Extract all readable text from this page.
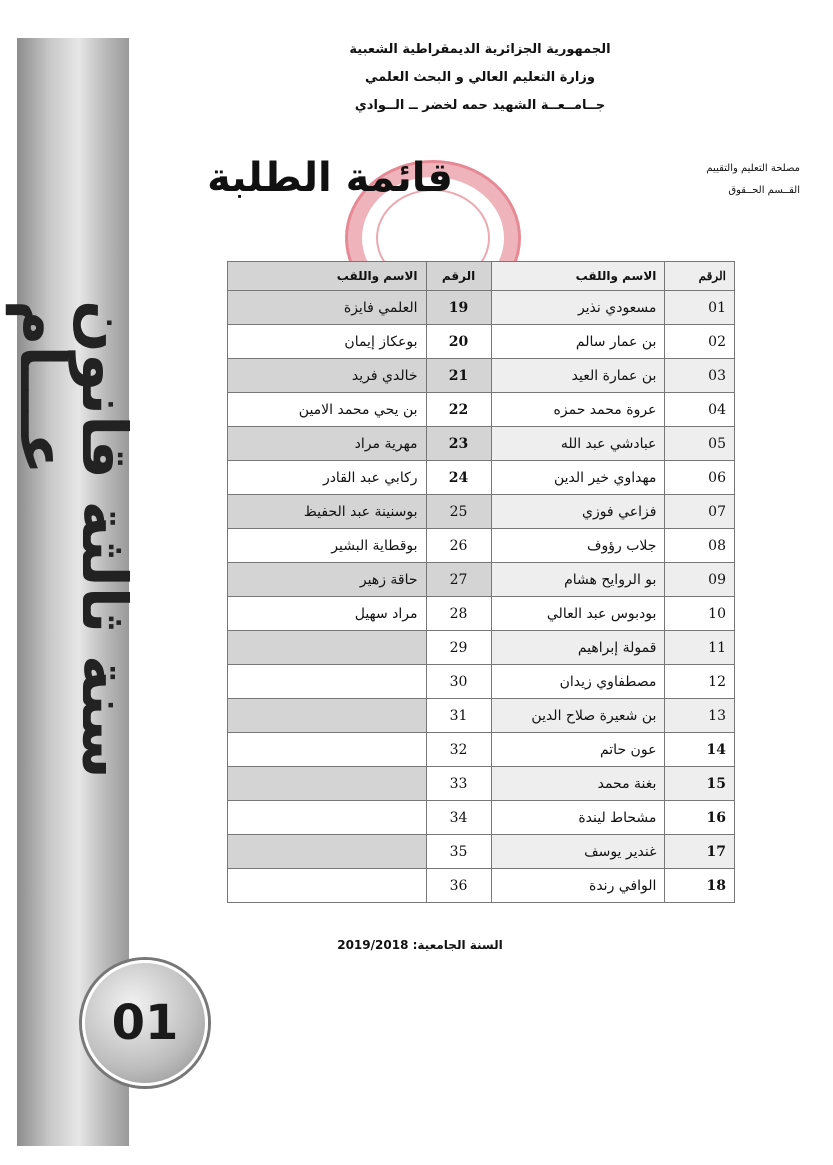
سنة ثالثة قانون عـــام
01
الجمهورية الجزائرية الديمقراطية الشعبية
وزارة التعليم العالي و البحث العلمي
جــامــعــة الشهيد حمه لخضر ــ الــوادي
مصلحة التعليم والتقييم
القــسم الحــقوق
قائمة الطلبة
الرقم	الاسم واللقب	الرقم	الاسم واللقب
01	مسعودي نذير	19	العلمي فايزة
02	بن عمار سالم	20	بوعكاز إيمان
03	بن عمارة العيد	21	خالدي فريد
04	عروة محمد حمزه	22	بن يحي محمد الامين
05	عبادشي عبد الله	23	مهرية مراد
06	مهداوي خير الدين	24	ركابي عبد القادر
07	فزاعي فوزي	25	بوسنينة عبد الحفيظ
08	جلاب رؤوف	26	بوقطاية البشير
09	بو الروايح هشام	27	حاقة زهير
10	بودبوس عبد العالي	28	مراد سهيل
11	قمولة إبراهيم	29	
12	مصطفاوي زيدان	30	
13	بن شعيرة صلاح الدين	31	
14	عون حاتم	32	
15	بغنة محمد	33	
16	مشحاط ليندة	34	
17	غندير يوسف	35	
18	الوافي رندة	36	
السنة الجامعية: 2019/2018
